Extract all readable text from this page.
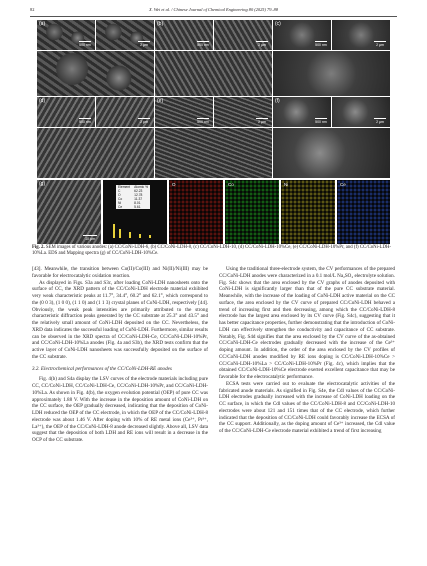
82	X. Wei et al. / Chinese Journal of Chemical Engineering 80 (2025) 79–88
(a)
500 nm	2 µm
(b)
500 nm	2 µm
(c)
500 nm	2 µm
(d)
500 nm	2 µm
(e)
500 nm	2 µm
(f)
500 nm	2 µm
(g)
10 µm
Element	Atomic %
C	62.23
O	12.78
Co	11.37
Ni	8.01
Ce	5.61
O	Co	Ni	Ce
Fig. 2. SEM images of various anodes: (a) CC/CoNi-LDH-6, (b) CC/CoNi-LDH-8, (c) CC/CoNi-LDH-10, (d) CC/CoNi-LDH-10%Ce, (e) CC/CoNi-LDH-10%Pr, and (f) CC/CoNi-LDH-10%La. EDS and Mapping spectra (g) of CC/CoNi-LDH-10%Ce.

[43]. Meanwhile, the transition between Co(II)/Co(III) and Ni(II)/Ni(III) may be favorable for electrocatalytic oxidation reaction.

As displayed in Figs. S3a and S3c, after loading CoNi-LDH nanosheets onto the surface of CC, the XRD pattern of the CC/CoNi-LDH electrode material exhibited very weak characteristic peaks at 11.7°, 34.4°, 60.2° and 62.1°, which correspond to the (0 0 3), (1 0 0), (1 1 0) and (1 1 3) crystal planes of CoNi-LDH, respectively [44]. Obviously, the weak peak intensities are primarily attributed to the strong characteristic diffraction peaks generated by the CC substrate at 25.3° and 43.5° and the relatively small amount of CoNi-LDH deposited on the CC. Nevertheless, the XRD data indicates the successful loading of CoNi-LDH. Furthermore, similar results can be observed in the XRD spectra of CC/CoNi-LDH-Ce, CC/CoNi-LDH-10%Pr, and CC/CoNi-LDH-10%La anodes (Fig. 4a and S3b), the XRD tests confirm that the active layer of CoNi-LDH nanosheets was successfully deposited on the surface of the CC substrate.

3.2. Electrochemical performances of the CC/CoNi-LDH-RE anodes

Fig. 4(b) and S4a display the LSV curves of the electrode materials including pure CC, CC/CoNi-LDH, CC/CoNi-LDH-Ce, CC/CoNi-LDH-10%Pr, and CC/CoNi-LDH-10%La. As shown in Fig. 4(b), the oxygen evolution potential (OEP) of pure CC was approximately 1.88 V. With the increase in the deposition amount of CoNi-LDH on the CC surface, the OEP gradually decreased, indicating that the deposition of CoNi-LDH reduced the OEP of the CC electrode, in which the OEP of the CC/CoNi-LDH-8 electrode was about 1.46 V. After doping with 10% of RE metal ions (Ce³⁺, Pr³⁺, La³⁺), the OEP of the CC/CoNi-LDH-8 anode decreased slightly. Above all, LSV data suggest that the deposition of both LDH and RE ions will result in a decrease in the OCP of the CC substrate.

Using the traditional three-electrode system, the CV performances of the prepared CC/CoNi-LDH anodes were characterized in a 0.1 mol/L Na₂SO₄ electrolyte solution. Fig. S4c shows that the area enclosed by the CV graphs of anodes deposited with CoNi-LDH is significantly larger than that of the pure CC substrate material. Meanwhile, with the increase of the loading of CoNi-LDH active material on the CC surface, the area enclosed by the CV curve of prepared CC/CoNi-LDH behaved a trend of increasing first and then decreasing, among which the CC/CoNi-LDH-8 electrode has the largest area enclosed by its CV curve (Fig. S4c), suggesting that it has better capacitance properties, further demonstrating that the introduction of CoNi-LDH can effectively strengthen the conductivity and capacitance of CC substrate. Notably, Fig. S4d signifies that the area enclosed by the CV curve of the as-obtained CC/CoNi-LDH-Ce electrodes gradually decreased with the increase of the Ce³⁺ doping amount. In addition, the order of the area enclosed by the CV profiles of CC/CoNi-LDH anodes modified by RE ions doping is CC/CoNi-LDH-10%Ce > CC/CoNi-LDH-10%La > CC/CoNi-LDH-10%Pr (Fig. 4c), which implies that the obtained CC/CoNi-LDH-10%Ce electrode exerted excellent capacitance that may be favorable for the electrocatalytic performance.

ECSA tests were carried out to evaluate the electrocatalytic activities of the fabricated anode materials. As signified in Fig. S4e, the Cdl values of the CC/CoNi-LDH electrodes gradually increased with the increase of CoNi-LDH loading on the CC surface, in which the Cdl values of the CC/CoNi-LDH-8 and CC/CoNi-LDH-10 electrodes were about 121 and 151 times that of the CC electrode, which further indicated that the deposition of CC/CoNi-LDH could favorably increase the ECSA of the CC support. Additionally, as the doping amount of Ce³⁺ increased, the Cdl value of the CC/CoNi-LDH-Ce electrode material exhibited a trend of first increasing
